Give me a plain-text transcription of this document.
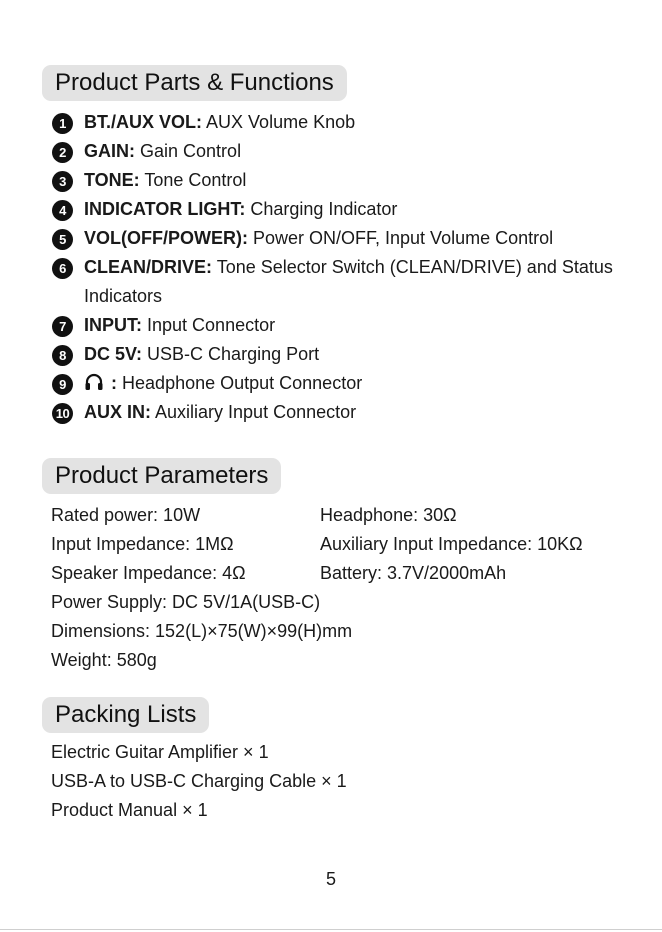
Product Parts & Functions
1	BT./AUX VOL: AUX Volume Knob
2	GAIN: Gain Control
3	TONE: Tone Control
4	INDICATOR LIGHT: Charging Indicator
5	VOL(OFF/POWER): Power ON/OFF, Input Volume Control
6	CLEAN/DRIVE: Tone Selector Switch (CLEAN/DRIVE) and Status Indicators
7	INPUT: Input Connector
8	DC 5V: USB-C Charging Port
9	: Headphone Output Connector
10 AUX IN: Auxiliary Input Connector
Product Parameters
Rated power: 10W	Headphone: 30Ω
Input Impedance: 1MΩ	Auxiliary Input Impedance: 10KΩ
Speaker Impedance: 4Ω	Battery: 3.7V/2000mAh
Power Supply: DC 5V/1A(USB-C)
Dimensions: 152(L)×75(W)×99(H)mm
Weight: 580g
Packing Lists
Electric Guitar Amplifier × 1
USB-A to USB-C Charging Cable × 1
Product Manual × 1
5
